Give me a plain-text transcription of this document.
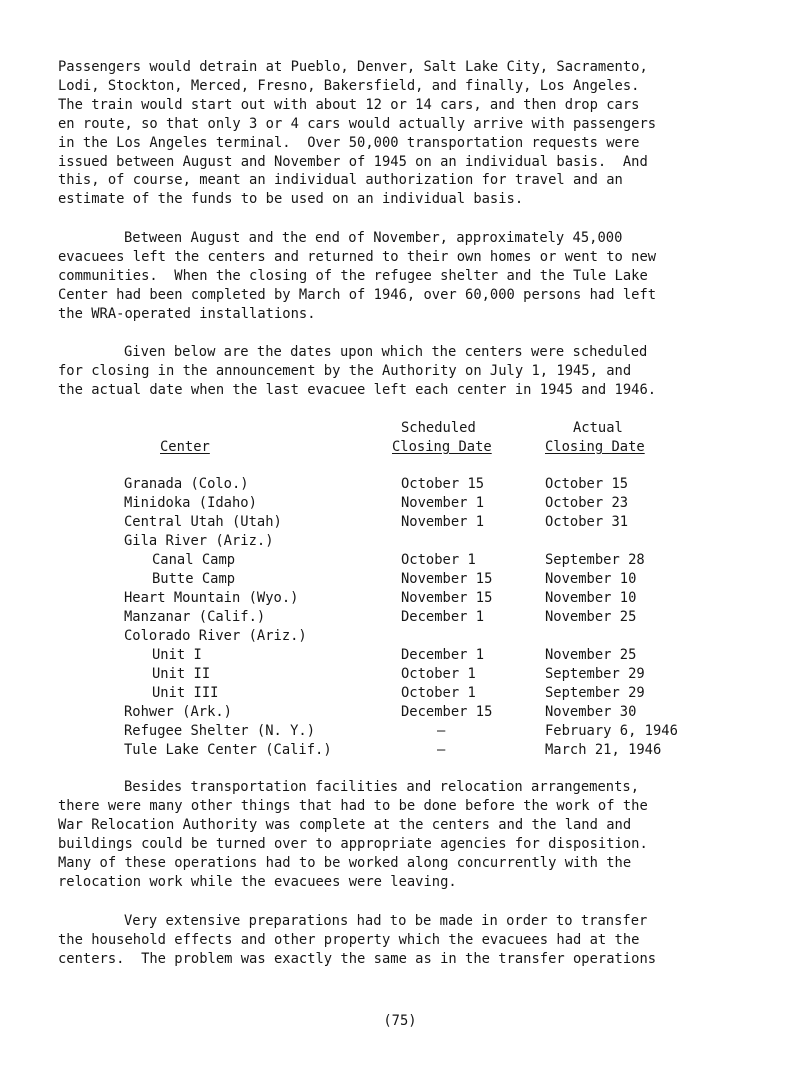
Passengers would detrain at Pueblo, Denver, Salt Lake City, Sacramento,
Lodi, Stockton, Merced, Fresno, Bakersfield, and finally, Los Angeles.
The train would start out with about 12 or 14 cars, and then drop cars
en route, so that only 3 or 4 cars would actually arrive with passengers
in the Los Angeles terminal.  Over 50,000 transportation requests were
issued between August and November of 1945 on an individual basis.  And
this, of course, meant an individual authorization for travel and an
estimate of the funds to be used on an individual basis.
Between August and the end of November, approximately 45,000
evacuees left the centers and returned to their own homes or went to new
communities.  When the closing of the refugee shelter and the Tule Lake
Center had been completed by March of 1946, over 60,000 persons had left
the WRA-operated installations.
Given below are the dates upon which the centers were scheduled
for closing in the announcement by the Authority on July 1, 1945, and
the actual date when the last evacuee left each center in 1945 and 1946.
Scheduled	Actual
Center	Closing Date	Closing Date
Granada (Colo.)	October 15	October 15
Minidoka (Idaho)	November 1	October 23
Central Utah (Utah)	November 1	October 31
Gila River (Ariz.)
Canal Camp	October 1	September 28
Butte Camp	November 15	November 10
Heart Mountain (Wyo.)	November 15	November 10
Manzanar (Calif.)	December 1	November 25
Colorado River (Ariz.)
Unit I	December 1	November 25
Unit II	October 1	September 29
Unit III	October 1	September 29
Rohwer (Ark.)	December 15	November 30
Refugee Shelter (N. Y.)	—	February 6, 1946
Tule Lake Center (Calif.)	—	March 21, 1946
Besides transportation facilities and relocation arrangements,
there were many other things that had to be done before the work of the
War Relocation Authority was complete at the centers and the land and
buildings could be turned over to appropriate agencies for disposition.
Many of these operations had to be worked along concurrently with the
relocation work while the evacuees were leaving.
Very extensive preparations had to be made in order to transfer
the household effects and other property which the evacuees had at the
centers.  The problem was exactly the same as in the transfer operations
(75)
